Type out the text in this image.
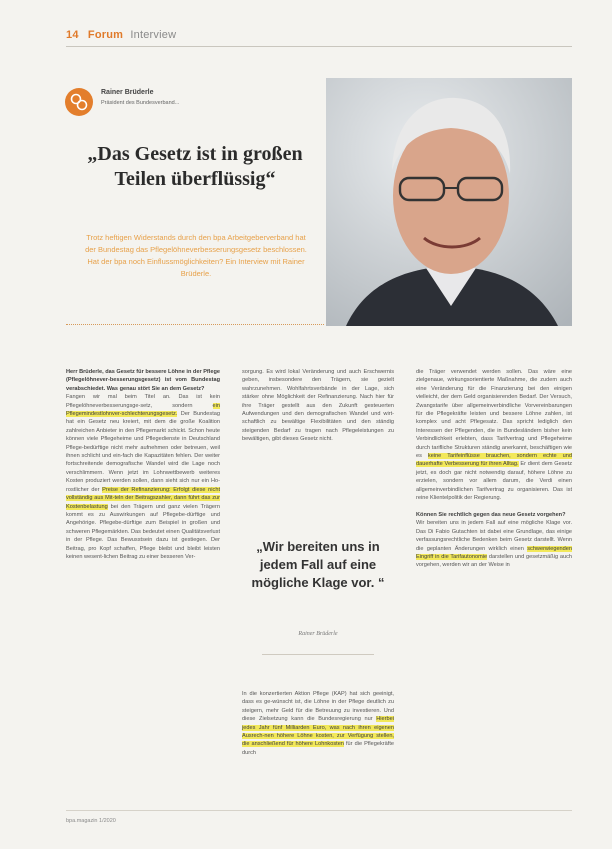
14 Forum Interview
Rainer Brüderle
Präsident des Bundesverband...
„Das Gesetz ist in großen Teilen überflüssig“
Trotz heftigen Widerstands durch den bpa Arbeitgeberverband hat der Bundestag das Pflegelöhneverbesserungsgesetz beschlossen. Hat der bpa noch Einflussmöglichkeiten? Ein Interview mit Rainer Brüderle.
Herr Brüderle, das Gesetz für bessere Löhne in der Pflege (Pflegelöhnever-besserungsgesetz) ist vom Bundestag verabschiedet. Was genau stört Sie an dem Gesetz?
Fangen wir mal beim Titel an. Das ist kein Pflegelöhneverbesserungsge-setz, sondern ein Pflegemindestlohnver-schlechterungsgesetz. Der Bundestag hat ein Gesetz neu kreiert, mit dem die große Koalition zahlreichen Anbieter in den Pflegemarkt schickt. Schon heute können viele Pflegeheime und Pflegedienste in Deutschland Pflege-bedürftige nicht mehr aufnehmen oder betreuen, weil ihnen schlicht und ein-fach die Kapazitäten fehlen. Der weiter fortschreitende demografische Wandel wird die Lage noch verschlimmern. Wenn jetzt im Lohnwettbewerb weiteres Kosten produziert werden sollen, dann sieht sich nur ein Ho-rostlicher der Preise der Refinanzierung: Erfolgt diese nicht vollständig aus Mit-teln der Beitragszahler, dann führt das zur Kostenbelastung bei den Trägern und ganz vielen Trägern kommt es zu Auswirkungen auf Pflegebe-dürftige und Angehörige. Pflegebe-dürftige zum Beispiel in großen und schweren Pflegemärkten. Das bedeutet einen Qualitätsverlust in der Pflege. Das Bewusstsein dazu ist gestiegen. Der Beitrag, pro Kopf schaffen, Pflege bleibt und bleibt leisten keinen wesent-lichen Beitrag zu einer besseren Ver-
sorgung. Es wird lokal Veränderung und auch Erschwernis geben, insbesondere den Trägern, sie gezielt wahrzunehmen. Wohlfahrtsverbände in der Lage, sich stärker ohne Möglichkeit der Refinanzierung. Nach hier für ihre Träger gestellt aus den Zukunft gesteuerten Aufwendungen und den demografischen Wandel und wirt-schaftlich zu bewältige Flexibilitäten und den ständig steigenden Bedarf zu tragen nach Pflegeleistungen zu bewältigen, gibt dieses Gesetz nicht.
„Wir bereiten uns in jedem Fall auf eine mögliche Klage vor. “
Rainer Brüderle
In die konzertierten Aktion Pflege (KAP) hat sich geeinigt, dass es ge-wünscht ist, die Löhne in der Pflege deutlich zu steigern, mehr Geld für die Betreuung zu investieren. Und diese Zielsetzung kann die Bundesregierung nur Hierbei jedes Jahr fünf Milliarden Euro, was nach ihren eigenen Ausrech-nen höhere Löhne kosten, zur Verfügung stellen, die anschließend für höhere Lohnkosten für die Pflegekräfte durch
die Träger verwendet werden sollen. Das wäre eine zielgenaue, wirkungsorientierte Maßnahme, die zudem auch eine Veränderung für die Finanzierung bei den einigen vielleicht, der dem Geld organisierenden Bedarf. Der Versuch, Zwangstarife über allgemeinverbindliche Vorvereinbarungen für die Pflegekräfte leisten und bessere Löhne zahlen, ist komplex und acht Pflegesatz. Das spricht lediglich den Interessen der Pflegenden, die in Bundesländern bisher kein Verbindlichkeit erlebten, dass Tarifvertrag und Pflegeheime durch tarifliche Strukturen ständig anerkannt, beschäftigen wie es keine Tarifeinflüsse brauchen, sondern echte und dauerhafte Verbesserung für ihren Alltag. Er dient dem Gesetz jetzt, es doch gar nicht notwendig darauf, höhere Löhne zu erzielen, sondern vor allem darum, die Verdi einen allgemeinverbindlichen Tarifvertrag zu organisieren. Das ist reine Klientelpolitik der Regierung.

Können Sie rechtlich gegen das neue Gesetz vorgehen?
Wir bereiten uns in jedem Fall auf eine mögliche Klage vor. Das Di Fabio Gutachten ist dabei eine Grundlage, das einige verfassungsrechtliche Bedenken beim Gesetz darstellt. Wenn die geplanten Änderungen wirklich einen schwerwiegenden Eingriff in die Tarifautonomie darstellen und gesetzmäßig auch vorgehen, werden wir an der Weise in
bpa.magazin 1/2020
